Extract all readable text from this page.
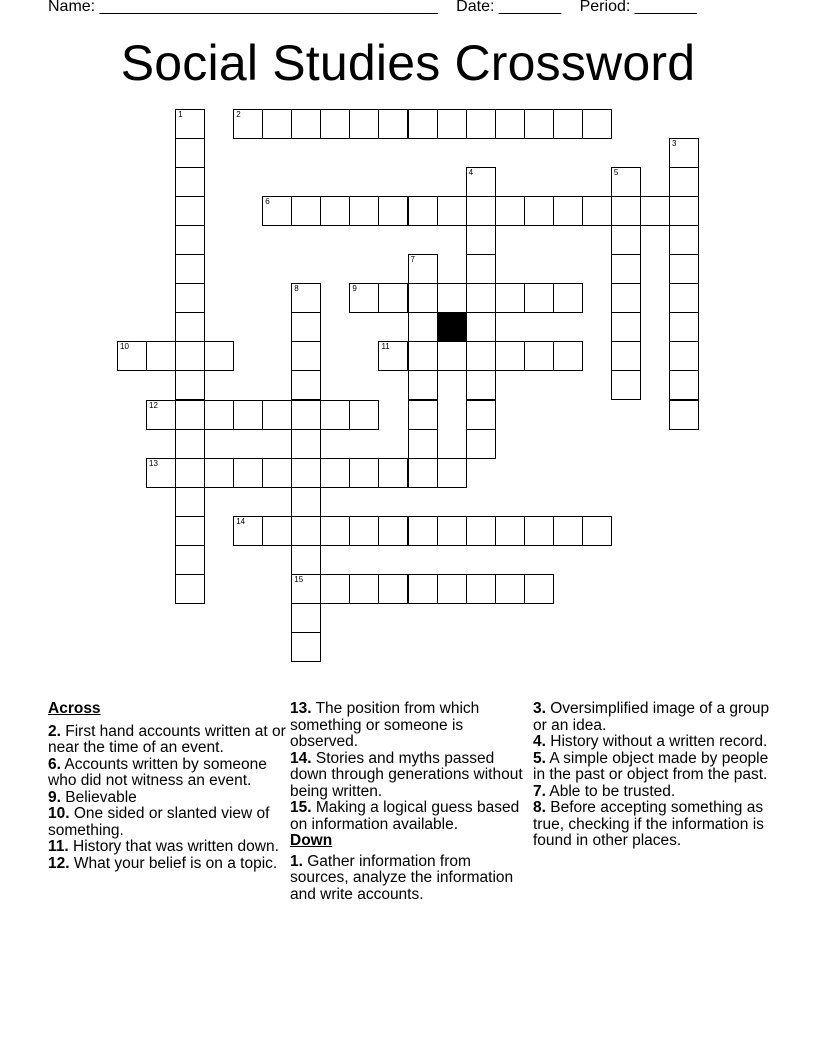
Name: ______________________________________ Date: _______ Period: _______
Social Studies Crossword
1	2
3
4	5
6
7
8
15
9
10	11
12
13
14
Across

2. First hand accounts written at or near the time of an event.

6. Accounts written by someone who did not witness an event.

9. Believable

10. One sided or slanted view of something.

11. History that was written down.

12. What your belief is on a topic.

13. The position from which something or someone is observed.

14. Stories and myths passed down through generations without being written.

15. Making a logical guess based on information available.

Down

1. Gather information from sources, analyze the information and write accounts.

3. Oversimplified image of a group or an idea.

4. History without a written record.

5. A simple object made by people in the past or object from the past.

7. Able to be trusted.

8. Before accepting something as true, checking if the information is found in other places.
